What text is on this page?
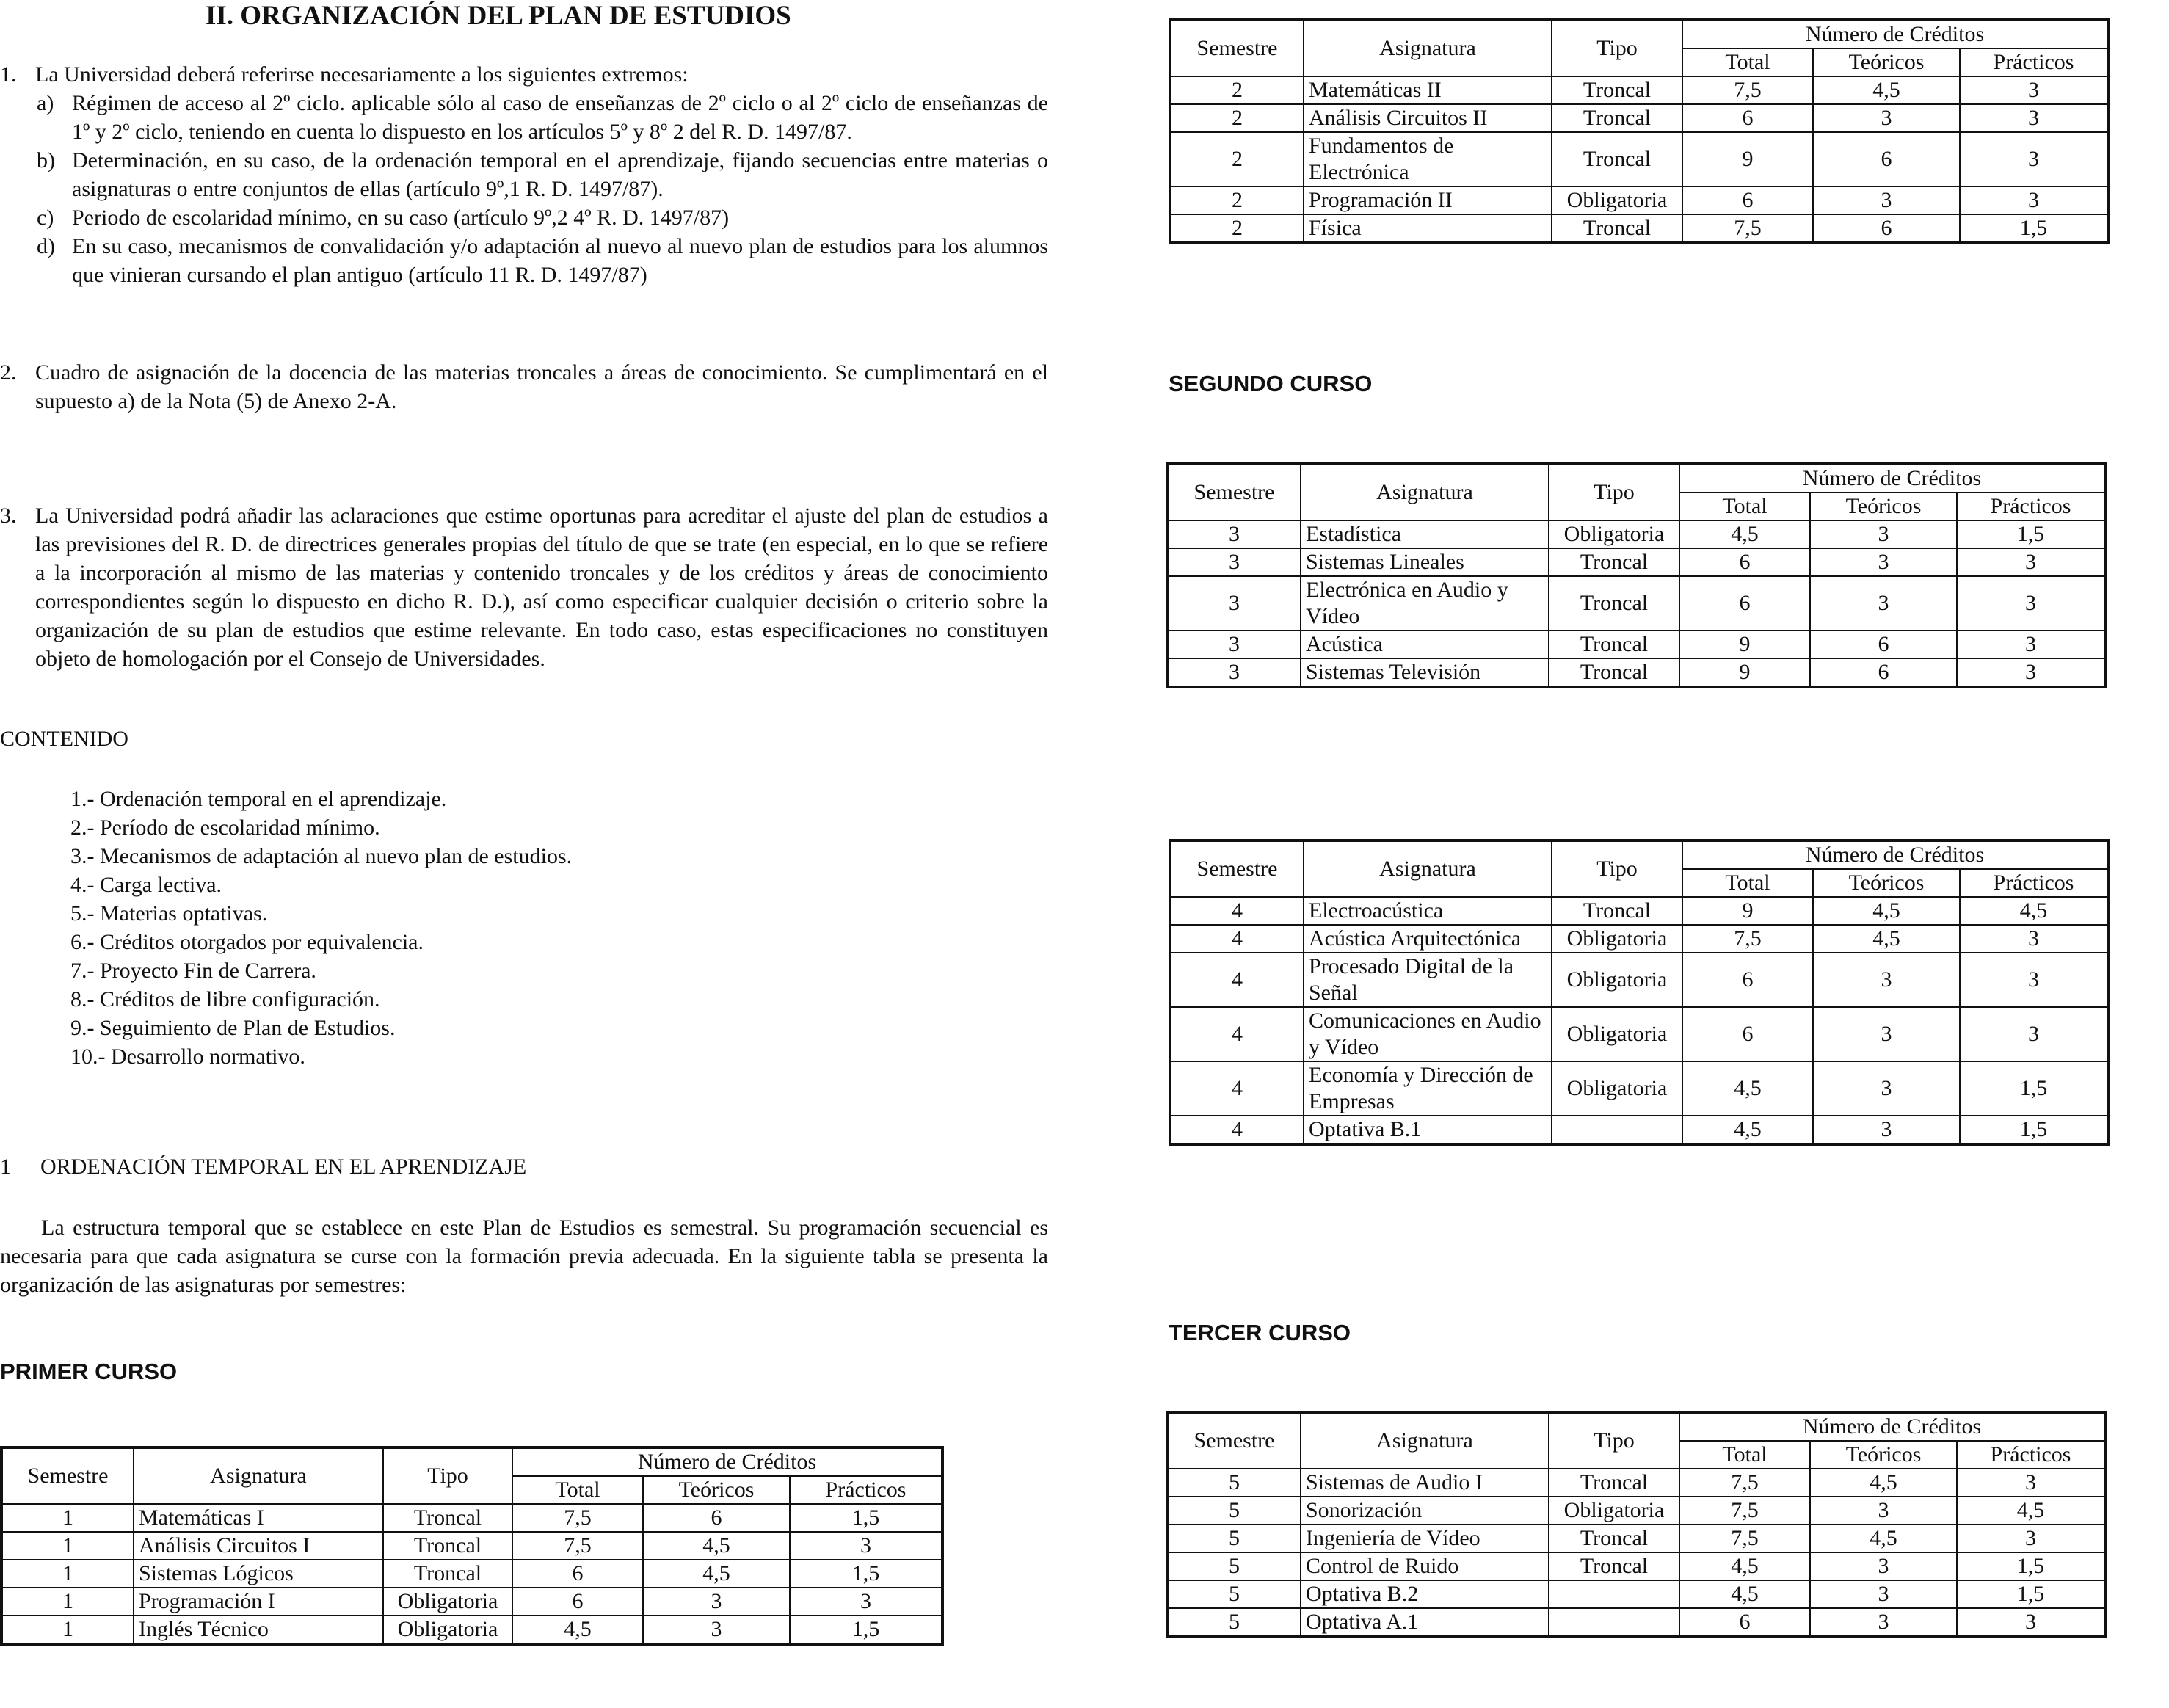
II. ORGANIZACIÓN DEL PLAN DE ESTUDIOS
1. La Universidad deberá referirse necesariamente a los siguientes extremos:
a) Régimen de acceso al 2º ciclo. aplicable sólo al caso de enseñanzas de 2º ciclo o al 2º ciclo de enseñanzas de 1º y 2º ciclo, teniendo en cuenta lo dispuesto en los artículos 5º y 8º 2 del R. D. 1497/87.
b) Determinación, en su caso, de la ordenación temporal en el aprendizaje, fijando secuencias entre materias o asignaturas o entre conjuntos de ellas (artículo 9º,1 R. D. 1497/87).
c) Periodo de escolaridad mínimo, en su caso (artículo 9º,2 4º R. D. 1497/87)
d) En su caso, mecanismos de convalidación y/o adaptación al nuevo al nuevo plan de estudios para los alumnos que vinieran cursando el plan antiguo (artículo 11 R. D. 1497/87)
2. Cuadro de asignación de la docencia de las materias troncales a áreas de conocimiento. Se cumplimentará en el supuesto a) de la Nota (5) de Anexo 2-A.
3. La Universidad podrá añadir las aclaraciones que estime oportunas para acreditar el ajuste del plan de estudios a las previsiones del R. D. de directrices generales propias del título de que se trate (en especial, en lo que se refiere a la incorporación al mismo de las materias y contenido troncales y de los créditos y áreas de conocimiento correspondientes según lo dispuesto en dicho R. D.), así como especificar cualquier decisión o criterio sobre la organización de su plan de estudios que estime relevante. En todo caso, estas especificaciones no constituyen objeto de homologación por el Consejo de Universidades.
CONTENIDO
1.- Ordenación temporal en el aprendizaje.
2.- Período de escolaridad mínimo.
3.- Mecanismos de adaptación al nuevo plan de estudios.
4.- Carga lectiva.
5.- Materias optativas.
6.- Créditos otorgados por equivalencia.
7.- Proyecto Fin de Carrera.
8.- Créditos de libre configuración.
9.- Seguimiento de Plan de Estudios.
10.- Desarrollo normativo.
1 ORDENACIÓN TEMPORAL EN EL APRENDIZAJE
La estructura temporal que se establece en este Plan de Estudios es semestral. Su programación secuencial es necesaria para que cada asignatura se curse con la formación previa adecuada. En la siguiente tabla se presenta la organización de las asignaturas por semestres:
PRIMER CURSO
SEGUNDO CURSO
TERCER CURSO
Semestre	Asignatura	Tipo	Número de Créditos		
			Total	Teóricos	Prácticos
1	Matemáticas I	Troncal	7,5	6	1,5
1	Análisis Circuitos I	Troncal	7,5	4,5	3
1	Sistemas Lógicos	Troncal	6	4,5	1,5
1	Programación I	Obligatoria	6	3	3
1	Inglés Técnico	Obligatoria	4,5	3	1,5
Semestre	Asignatura	Tipo	Número de Créditos		
			Total	Teóricos	Prácticos
2	Matemáticas II	Troncal	7,5	4,5	3
2	Análisis Circuitos II	Troncal	6	3	3
2	Fundamentos de Electrónica	Troncal	9	6	3
2	Programación II	Obligatoria	6	3	3
2	Física	Troncal	7,5	6	1,5
Semestre	Asignatura	Tipo	Número de Créditos		
			Total	Teóricos	Prácticos
3	Estadística	Obligatoria	4,5	3	1,5
3	Sistemas Lineales	Troncal	6	3	3
3	Electrónica en Audio y Vídeo	Troncal	6	3	3
3	Acústica	Troncal	9	6	3
3	Sistemas Televisión	Troncal	9	6	3
Semestre	Asignatura	Tipo	Número de Créditos		
			Total	Teóricos	Prácticos
4	Electroacústica	Troncal	9	4,5	4,5
4	Acústica Arquitectónica	Obligatoria	7,5	4,5	3
4	Procesado Digital de la Señal	Obligatoria	6	3	3
4	Comunicaciones en Audio y Vídeo	Obligatoria	6	3	3
4	Economía y Dirección de Empresas	Obligatoria	4,5	3	1,5
4	Optativa B.1		4,5	3	1,5
Semestre	Asignatura	Tipo	Número de Créditos		
			Total	Teóricos	Prácticos
5	Sistemas de Audio I	Troncal	7,5	4,5	3
5	Sonorización	Obligatoria	7,5	3	4,5
5	Ingeniería de Vídeo	Troncal	7,5	4,5	3
5	Control de Ruido	Troncal	4,5	3	1,5
5	Optativa B.2		4,5	3	1,5
5	Optativa A.1		6	3	3
